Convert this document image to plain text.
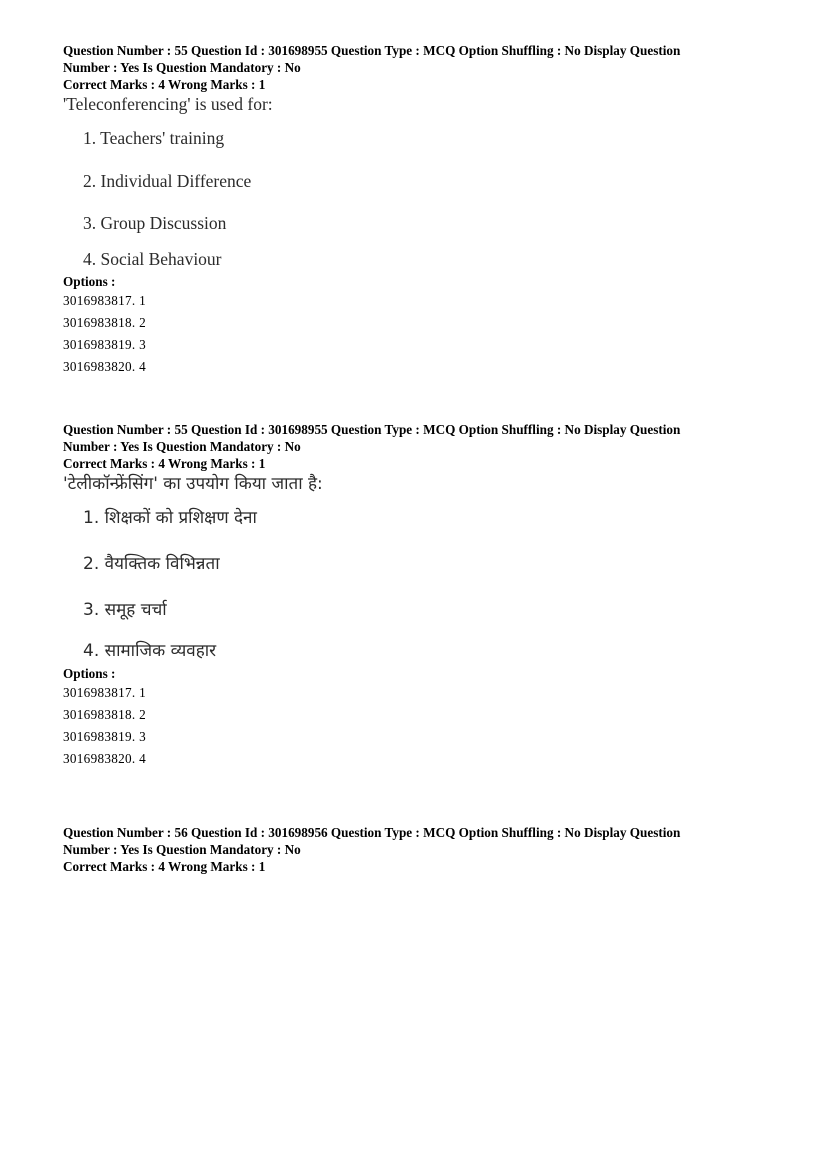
Question Number : 55 Question Id : 301698955 Question Type : MCQ Option Shuffling : No Display Question
Number : Yes Is Question Mandatory : No
Correct Marks : 4 Wrong Marks : 1
'Teleconferencing' is used for:
1. Teachers' training
2. Individual Difference
3. Group Discussion
4. Social Behaviour
Options :
3016983817. 1
3016983818. 2
3016983819. 3
3016983820. 4
Question Number : 55 Question Id : 301698955 Question Type : MCQ Option Shuffling : No Display Question
Number : Yes Is Question Mandatory : No
Correct Marks : 4 Wrong Marks : 1
'टेलीकॉन्फ्रेंसिंग' का उपयोग किया जाता है:
1. शिक्षकों को प्रशिक्षण देना
2. वैयक्तिक विभिन्नता
3. समूह चर्चा
4. सामाजिक व्यवहार
Options :
3016983817. 1
3016983818. 2
3016983819. 3
3016983820. 4
Question Number : 56 Question Id : 301698956 Question Type : MCQ Option Shuffling : No Display Question
Number : Yes Is Question Mandatory : No
Correct Marks : 4 Wrong Marks : 1
